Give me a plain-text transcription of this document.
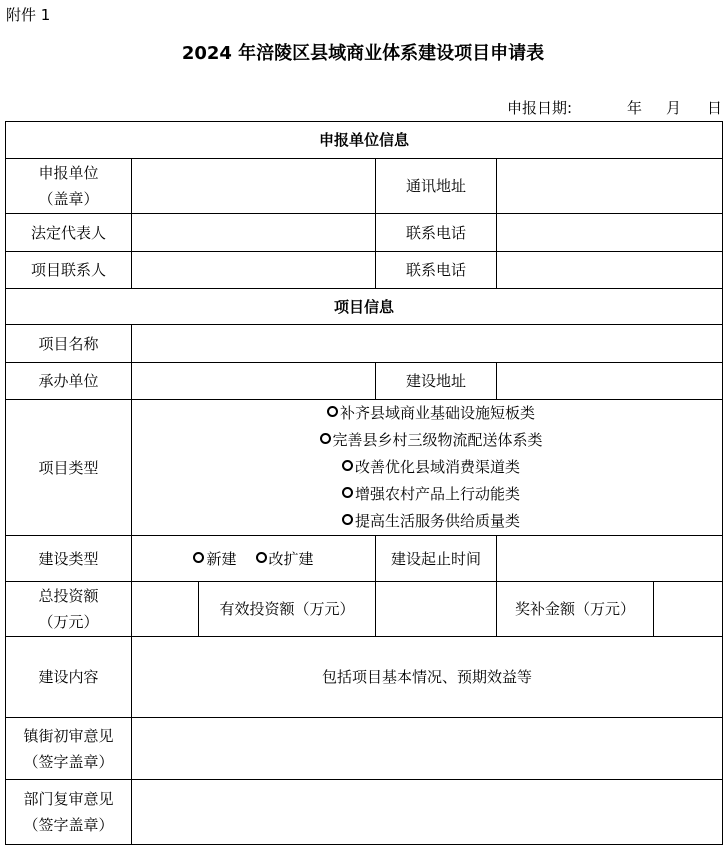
附件 1
2024 年涪陵区县域商业体系建设项目申请表
申报日期:	年 月 日
申报单位信息					

申报单位
（盖章）			通讯地址		
法定代表人			联系电话		
项目联系人			联系电话		
项目信息					
项目名称					
承办单位			建设地址		
项目类型	补齐县域商业基础设施短板类
完善县乡村三级物流配送体系类
改善优化县域消费渠道类
增强农村产品上行动能类
提高生活服务供给质量类				

建设类型	新建 改扩建		建设起止时间		

总投资额
（万元）		有效投资额（万元）		奖补金额（万元）	
建设内容	包括项目基本情况、预期效益等				

镇街初审意见
（签字盖章）					

部门复审意见
（签字盖章）					
